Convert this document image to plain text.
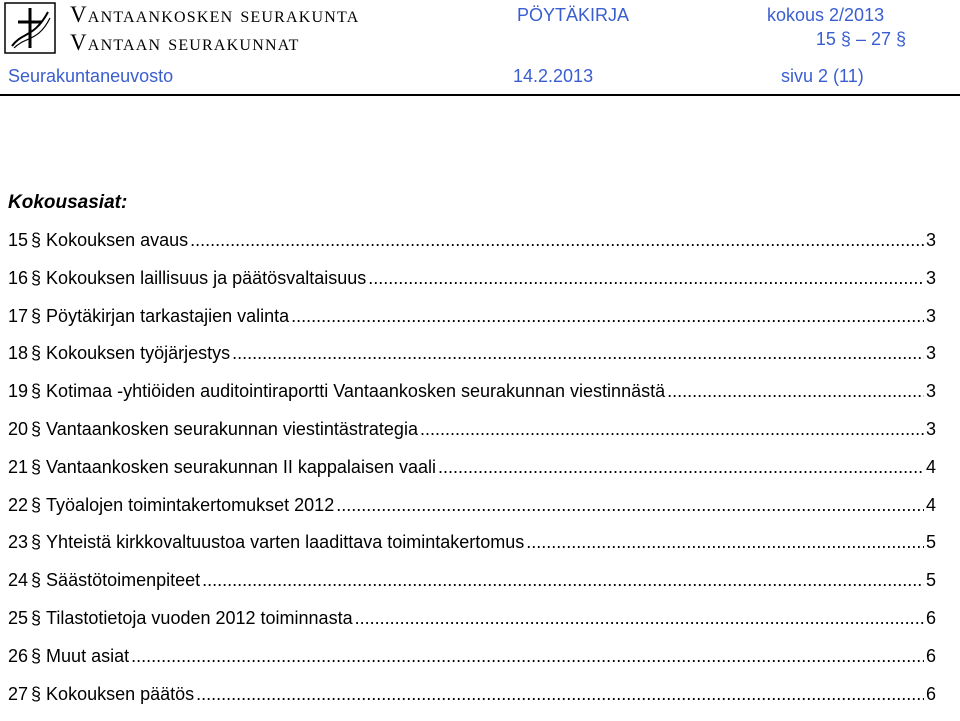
Vantaankosken seurakunta
Vantaan seurakunnat
PÖYTÄKIRJA	kokous 2/2013
15 § – 27 §
Seurakuntaneuvosto	14.2.2013	sivu 2 (11)
Kokousasiat:
15 § Kokouksen avaus .....	3
16 § Kokouksen laillisuus ja päätösvaltaisuus .....	3
17 § Pöytäkirjan tarkastajien valinta .....	3
18 § Kokouksen työjärjestys .....	3
19 § Kotimaa -yhtiöiden auditointiraportti Vantaankosken seurakunnan viestinnästä .....	3
20 § Vantaankosken seurakunnan viestintästrategia .....	3
21 § Vantaankosken seurakunnan II kappalaisen vaali .....	4
22 § Työalojen toimintakertomukset 2012 .....	4
23 § Yhteistä kirkkovaltuustoa varten laadittava toimintakertomus .....	5
24 § Säästötoimenpiteet .....	5
25 § Tilastotietoja vuoden 2012 toiminnasta .....	6
26 § Muut asiat .....	6
27 § Kokouksen päätös .....	6
